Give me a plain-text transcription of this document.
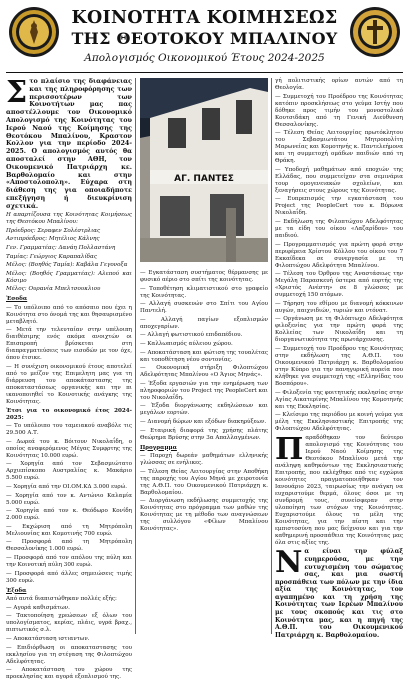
ΚΟΙΝΟΤΗΤΑ ΚΟΙΜΗΣΕΩΣ
ΤΗΣ ΘΕΟΤΟΚΟΥ ΜΠΑΛΙΝΟΥ
Απολογισμός Οικονομικού Έτους 2024-2025

Στο πλαίσιο της διαφάνειας και της πληροφόρησης των περισσοτέρων των Κοινοτήτων μας πας αποστέλλουμε τον Οικονομικό Απολογισμό της Κοινότητας του Ιερού Ναού της Κοίμησης της Θεοτόκου Μπαλίνου, Κραστον Κολλον για την περίοδο 2024-2025. Ο απολογισμός αυτός θα αποσταλεί στην ΑΘΗ, τον Οικουμενικό Πατριάρχη κε. Βαρθολομαίο και στην «Αποστολοπολη». Εύχαρα στη διάθεση της για οποιαδήποτε επεξήγηση ή διευκρίνιση σχετικά.

Η απαρτίζουσα της Κοινότητας Κοιμήσεως της Θεοτόκου Μπαλίνου:

Πρόεδρος: Σεραφεν Σολέστρλιας

Αντιπρόεδρος: Μητέλιος Κάλνης

Γεν. Γραμματέας: Δανάη Πολλαστάνη

Ταμίας: Γεώργιος Καραπαλίδας

Μέλος: (Βοηθός Ταμία): Καβάλα Γεγονοξα

Μέλος: (Βοηθός Γραμματέας): Αλεπού και Κόσιμο

Μέλος: Ουρανία Μπελτσουκλιου

Έσοδα

— Το υπόλοιπο από το απόσπιο που έχει η Κοινότητα στο όνομά της και θησαυρισμένο μεταβλητό.

— Μετά την τελευταίαν στην υπέλοιπη διαιθέσιμης ενός ακόμα ανοιχτών οι Επισπροπή βρίσκεται στη διαπραγματεύσεις των εισοδών με τον όχε, όπου έτσικε.

— Η συνέχιση οικονομικού έτους αποτελεί από το μείζον της Επιμελητη μας για τη διάρρευση του αποκάταστασης της αποκαταστάσεως οργανικής και την πι ικανοποιηθεί το Κοινοτικής ανάγκης της Κοινότητας.

Έτσι για το οικονομικό έτος 2024-2025:

— Το υπόλοιπο του ταμειακού αναβόλε τις 29.500 Α.Τ.

— Δωρεά του κ. Βόιτουν Νικολαΐδη, ο οποίος αναφερόμενος Μέγας Συμφρτης της Κοινότητας 10.000 ευρώ.

— Χορηγία από τον Σεβασμιώτατο Αρχιεπίσκοπο Αυστραλίας κ. Μακάριο 5.500 ευρώ.

— Χορηγία από την ΟΙ.ΟΜ.ΚΔ 3.000 ευρώ.

— Χορηγία από τον κ. Αντώνιο Καλαμία 5.000 ευρώ.

— Χορηγία από τον κ. Θεόδωρο Κονίδη 2.000 ευρώ.

— Εκχώριση από τη Μητρόπολη Μελιουνίας και Κομοτινής 700 ευρώ.

— Προσφορά από τη Μητρόπολη Θεσσαλονίκης 1.000 ευρώ.

— Προσφορά από τον απόλου της πύλη και την Κοινοτική πύλη 300 ευρώ.

— Προσφορά από άλλες σημειώσεις τιμής 300 ευρώ.

Έξοδα

Από αυτά διαπιστώθηκαν πολλές εξής:

— Αγορά καθισμάτων.

— Τακτοποίηση χρεώσεων εξ όλων του υπολογίσματος, κερίας, πλάις, υγρά βραχ., πιπτωτικός σ.λ.

— Αποκατάσταση ιστιαντων.

— Επιδιόρθωση οι αποκαταστασης του εκκλησίου για τη στέγαση της Φιλοπτώχου Αδελφότητας.

— Αποκατάσταση του χώρου της προεκλησίας και αγορά εξοπλισμού της.

ΑΓ. ΠΑΝΤΕΣ

— Εγκατάσταση συστήματος θέρμανσης με φυσικό αέριο στο σπίτι της κοινότητας.

— Τοποθέτηση κλιματιστικού στο γραφείο της Κοινότητας.

— Αλλαγή συσκευών στο Σπίτι του Αγίου Παντελή.

— Αλλαγή παγίων εξοπλισμών αποχεγαρίων.

— Αλλαγή φωτιστικού επιδαπέδιου.

— Καλλωπισμός αύλειου χώρου.

— Αποκατάσταση και φώτιση της τουαλέτας και τοποθέτηση νέου σοντονίας.

— Οικονομική στήριξη Φιλοπτώχου Αδελφότητας Μπαλίνου «Ο Άγιος Μηνάς».

— Έξοδα εργασιών για την ενημέρωση των πληροφοριών του Project της PeopleCert και του Νικολαΐδη.

— Έξοδα διοργάνωσης εκδηλώσεων και μεγάλων εορτών.

— Διανομή δώρων και εξόδων διακηρύξεων.

— Εταιρική διαφορά της χρήσης πλάτης Θεώρημα Βρύσης στην 3α Απαλλαγμένων.

Προγραμμα

— Παροχή δωρεάν μαθημάτων ελληνικής γλώσσας σε ενήλικες.

— Τέλεση Θείας Λειτουργίας στην Αποθήκη της παροχής του Αγίου Μηνά με χειροτονία της Α.Θ.Π. του Οικουμενικού Πατριάρχη κ. Βαρθολομαίου.

— Διοργάνωση εκδήλωσης συμμετοχής της Κοινότητας στο πρόγραμμα των μαθών της Κοινότητας με τη μέθοδο των αναγνώσεων της συλλόγου «Φίλων Μπαλίνου Κοινότητας».

γή πολιτιστικής ορίων αυτών από τη Θεολογία.

— Συμμετοχή του Προέδρου της Κοινότητας κατόπιν προσκλήσεως στο γεύμα Ιστήγ που δόθηκε προς τιμήν του μονοστολικό Κουτσιδάκη από τη Γενική Διεύθυνση Θεσσαλονίκης.

— Τέλεση Θείας Λειτουργίας πρωτόκλητου του Σεβασμιωτάτου Μητροπολίτη Μαρωνείας και Κομοτηνής κ. Παντελεήμονα και τη συμμετοχή ομάδων παιδιών από τη Θράκη.

— Υποδοχή μαθημάτων από εποχιών της Ελλάδας, που συμμετείχαν στα σεμινάρια τουρ ομογενειακών σχολείων, και ξεναγήσεις στους χώρους της Κοινότητας.

— Ευπρεπισμός την εγκατάσταση του Project της PeopleCert του κ. Βύρωνα Νικολαΐδη.

— Εκδήλωση της Φιλοπτώχου Αδελφότητας με τα είδη του οίκου «Λαζαρίδου» του παιδιού.

— Προγραμματισμός για πρώτη φορά στην περιφέρεια Χρίστου Κόλλου του οίκου του 7 Εκκαίδεκα σε συνεργασία με τη Φιλοπτώχου Αδελφότητα Μπαλίνου.

— Τέλεση του Όρθρου της Αναστάσεως την Μεγάλη Παρασκευή ύστερα από εορτής της «Χριστός Ανέστη» σε 8 γλώσσες με συμμετοχή 150 ατόμων.

— Τήρηση του εθίμου με διανομή κόκκινων αυγών, παιχνιδιών, τυριών και ντόνατ.

— Οργάνωση με τη Φιλόπτωχο Αδελφότητα φιλοξενίας για την πρώτη φορά της Κολλείας των Νικολαΐδη και τη διοργανωτικότητα της πρωτάρχευσης.

— Συμμετοχή του Προέδρου της Κοινότητας στην εκδήλωση της Α.Θ.Π. του Οικουμενικού Πατριάρχη κ. Βαρθολομαίου στην Κύπρο για την πανηγυρική πορεία που κλήθηκε για συμμετοχή της «Ελληνίδας του Βοσπόρου».

— Φιλοξενία της φοιτητικής εκκλησίας στην Αγίας Αικατερίνης Μπαλίνου της Κομοτηνής και της Εκκλησίας.

— Κλείσιμο της περιόδου με κοινή γεύμα για μέλη της Εκκλησιαστικής Επιτροπής της Φιλοπτώχου Αδελφότητας.

Παραδόθηκαν τον δεύτερο απολογισμό της Κοινότητας του Ιερού Ναού Κοίμησης της Θεοτόκου Μπαλίνου μετά την ανάληψη καθηκόντων της Εκκλησιαστικής Επιτροπής, που εκλέχθηκε από τις εγχώρια κοινότητες πραγματοποιήθηκαν τον Ιανουάριο 2023, ταιρωσίως την ανάγκη να ευχαριστούμε θερμά, όλους όσοι με τη συνδρομή τους, συνείσφεραν στην υλοποίηση των στόχων της Κοινότητας. Ευχαριστούμε όλους τα μέλη της Κοινότητας, για την πίστη και την εμπιστοσύνη που μας δείχνουν και για την καθημερινή προσπάθεια της Κοινότητας μας όλα στις αξίες της.

Να είναι την φύλαξ ευημερούσα, με την ευτυχισμένη του σώματος σας, και μια σωστή προσπάθεια των πόλων με την ίδια αξία της Κοινότητας, τον αγαπημένο και τη χρήση της Κοινότητας των Ιερέων Μπαλίνου με τους σκοπούς και τις στο Κοινότητα μας, και η πηγή της Α.Θ.Π. του Οικουμενικού Πατριάρχη κ. Βαρθολομαίου.
